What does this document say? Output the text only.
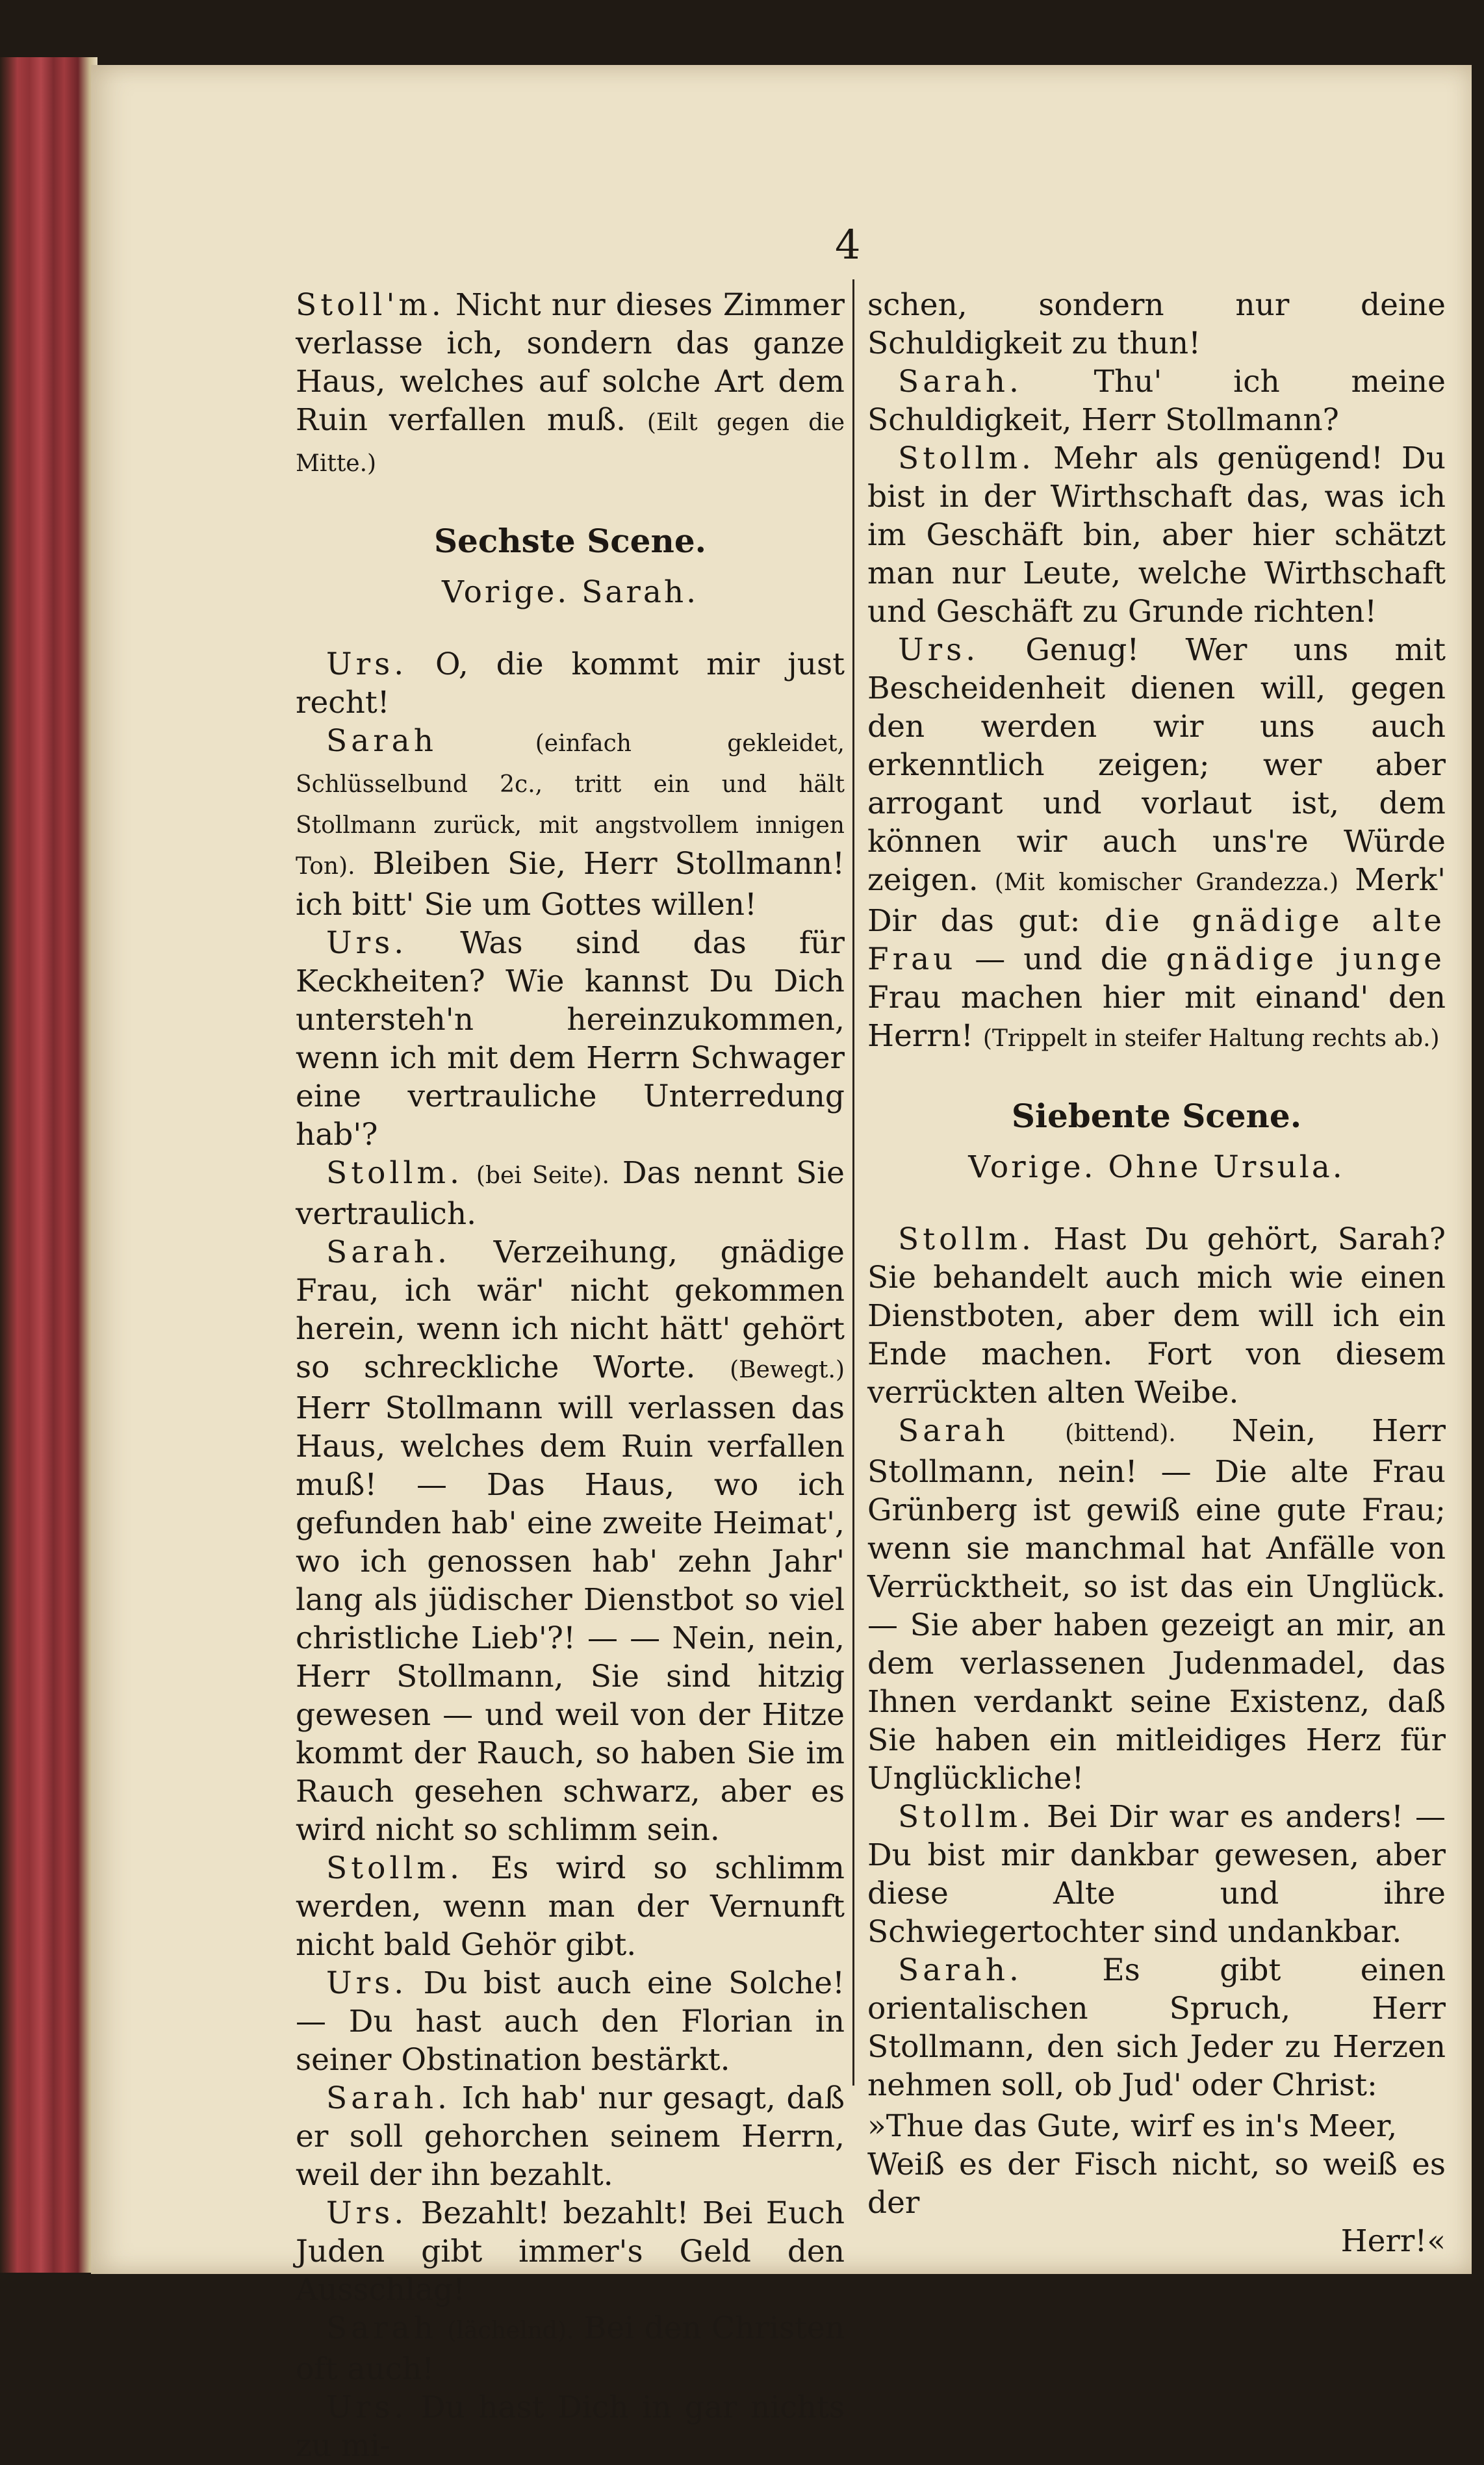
4

Stoll'm. Nicht nur dieses Zimmer verlasse ich, sondern das ganze Haus, welches auf solche Art dem Ruin verfallen muß. (Eilt gegen die Mitte.)

Sechste Scene.

Vorige. Sarah.

 Urs. O, die kommt mir just recht!

 Sarah	(einfach gekleidet, Schlüsselbund 2c., tritt ein und hält Stollmann zurück, mit angstvollem innigen Ton). Bleiben Sie, Herr Stollmann! ich bitt' Sie um Gottes willen!

 Urs. Was sind das für Keckheiten? Wie kannst Du Dich untersteh'n hereinzukommen, wenn ich mit dem Herrn Schwager eine vertrauliche Unterredung hab'?

 Stollm. (bei Seite). Das nennt Sie vertraulich.

 Sarah. Verzeihung, gnädige Frau, ich wär' nicht gekommen herein, wenn ich nicht hätt' gehört so schreckliche Worte. (Bewegt.) Herr Stollmann will verlassen das Haus, welches dem Ruin verfallen muß! — Das Haus, wo ich gefunden hab' eine zweite Heimat', wo ich genossen hab' zehn Jahr' lang als jüdischer Dienstbot so viel christliche Lieb'?! — — Nein, nein, Herr Stollmann, Sie sind hitzig gewesen — und weil von der Hitze kommt der Rauch, so haben Sie im Rauch gesehen schwarz, aber es wird nicht so schlimm sein.

 Stollm. Es wird so schlimm werden, wenn man der Vernunft nicht bald Gehör gibt.

 Urs. Du bist auch eine Solche! — Du hast auch den Florian in seiner Obstination bestärkt.

 Sarah. Ich hab' nur gesagt, daß er soll gehorchen seinem Herrn, weil der ihn bezahlt.

 Urs. Bezahlt! bezahlt! Bei Euch Juden gibt immer's Geld den Ausschlag!

 Sarah (lächelnd). Bei den Christen oft auch!

 Urs. Du hast Dich in gar nichts zu mi-

schen, sondern nur deine Schuldigkeit zu thun!

 Sarah. Thu' ich meine Schuldigkeit, Herr Stollmann?

 Stollm. Mehr als genügend! Du bist in der Wirthschaft das, was ich im Geschäft bin, aber hier schätzt man nur Leute, welche Wirthschaft und Geschäft zu Grunde richten!

 Urs. Genug! Wer uns mit Bescheidenheit dienen will, gegen den werden wir uns auch erkenntlich zeigen; wer aber arrogant und vorlaut ist, dem können wir auch uns're Würde zeigen. (Mit komischer Grandezza.) Merk' Dir das gut: die gnädige alte Frau — und die gnädige junge Frau machen hier mit einand' den Herrn! (Trippelt in steifer Haltung rechts ab.)

Siebente Scene.

Vorige. Ohne Ursula.

 Stollm. Hast Du gehört, Sarah? Sie behandelt auch mich wie einen Dienstboten, aber dem will ich ein Ende machen. Fort von diesem verrückten alten Weibe.

 Sarah (bittend). Nein, Herr Stollmann, nein! — Die alte Frau Grünberg ist gewiß eine gute Frau; wenn sie manchmal hat Anfälle von Verrücktheit, so ist das ein Unglück. — Sie aber haben gezeigt an mir, an dem verlassenen Judenmadel, das Ihnen verdankt seine Existenz, daß Sie haben ein mitleidiges Herz für Unglückliche!

 Stollm. Bei Dir war es anders! — Du bist mir dankbar gewesen, aber diese Alte und ihre Schwiegertochter sind undankbar.

 Sarah.	Es gibt einen orientalischen Spruch, Herr Stollmann, den sich Jeder zu Herzen nehmen soll, ob Jud' oder Christ:

»Thue das Gute, wirf es in's Meer,

Weiß es der Fisch nicht, so weiß es der

Herr!«
